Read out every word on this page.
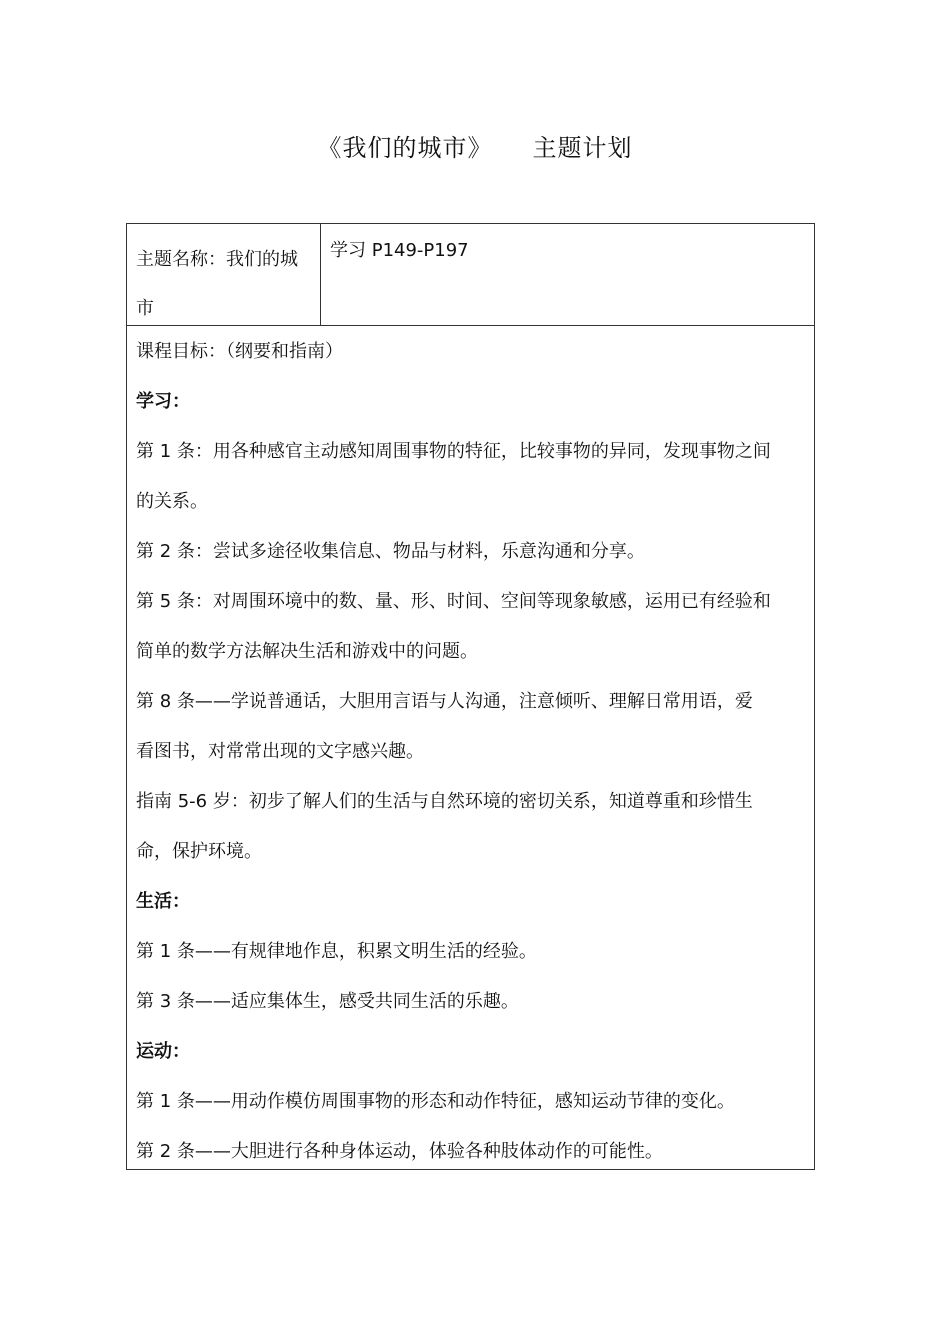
《我们的城市》 主题计划
主题名称：我们的城
市
学习 P149-P197
课程目标：（纲要和指南）
学习：
第 1 条：用各种感官主动感知周围事物的特征，比较事物的异同，发现事物之间
的关系。
第 2 条：尝试多途径收集信息、物品与材料，乐意沟通和分享。
第 5 条：对周围环境中的数、量、形、时间、空间等现象敏感，运用已有经验和
简单的数学方法解决生活和游戏中的问题。
第 8 条——学说普通话，大胆用言语与人沟通，注意倾听、理解日常用语，爱
看图书，对常常出现的文字感兴趣。
指南 5-6 岁：初步了解人们的生活与自然环境的密切关系，知道尊重和珍惜生
命，保护环境。
生活：
第 1 条——有规律地作息，积累文明生活的经验。
第 3 条——适应集体生，感受共同生活的乐趣。
运动：
第 1 条——用动作模仿周围事物的形态和动作特征，感知运动节律的变化。
第 2 条——大胆进行各种身体运动，体验各种肢体动作的可能性。
